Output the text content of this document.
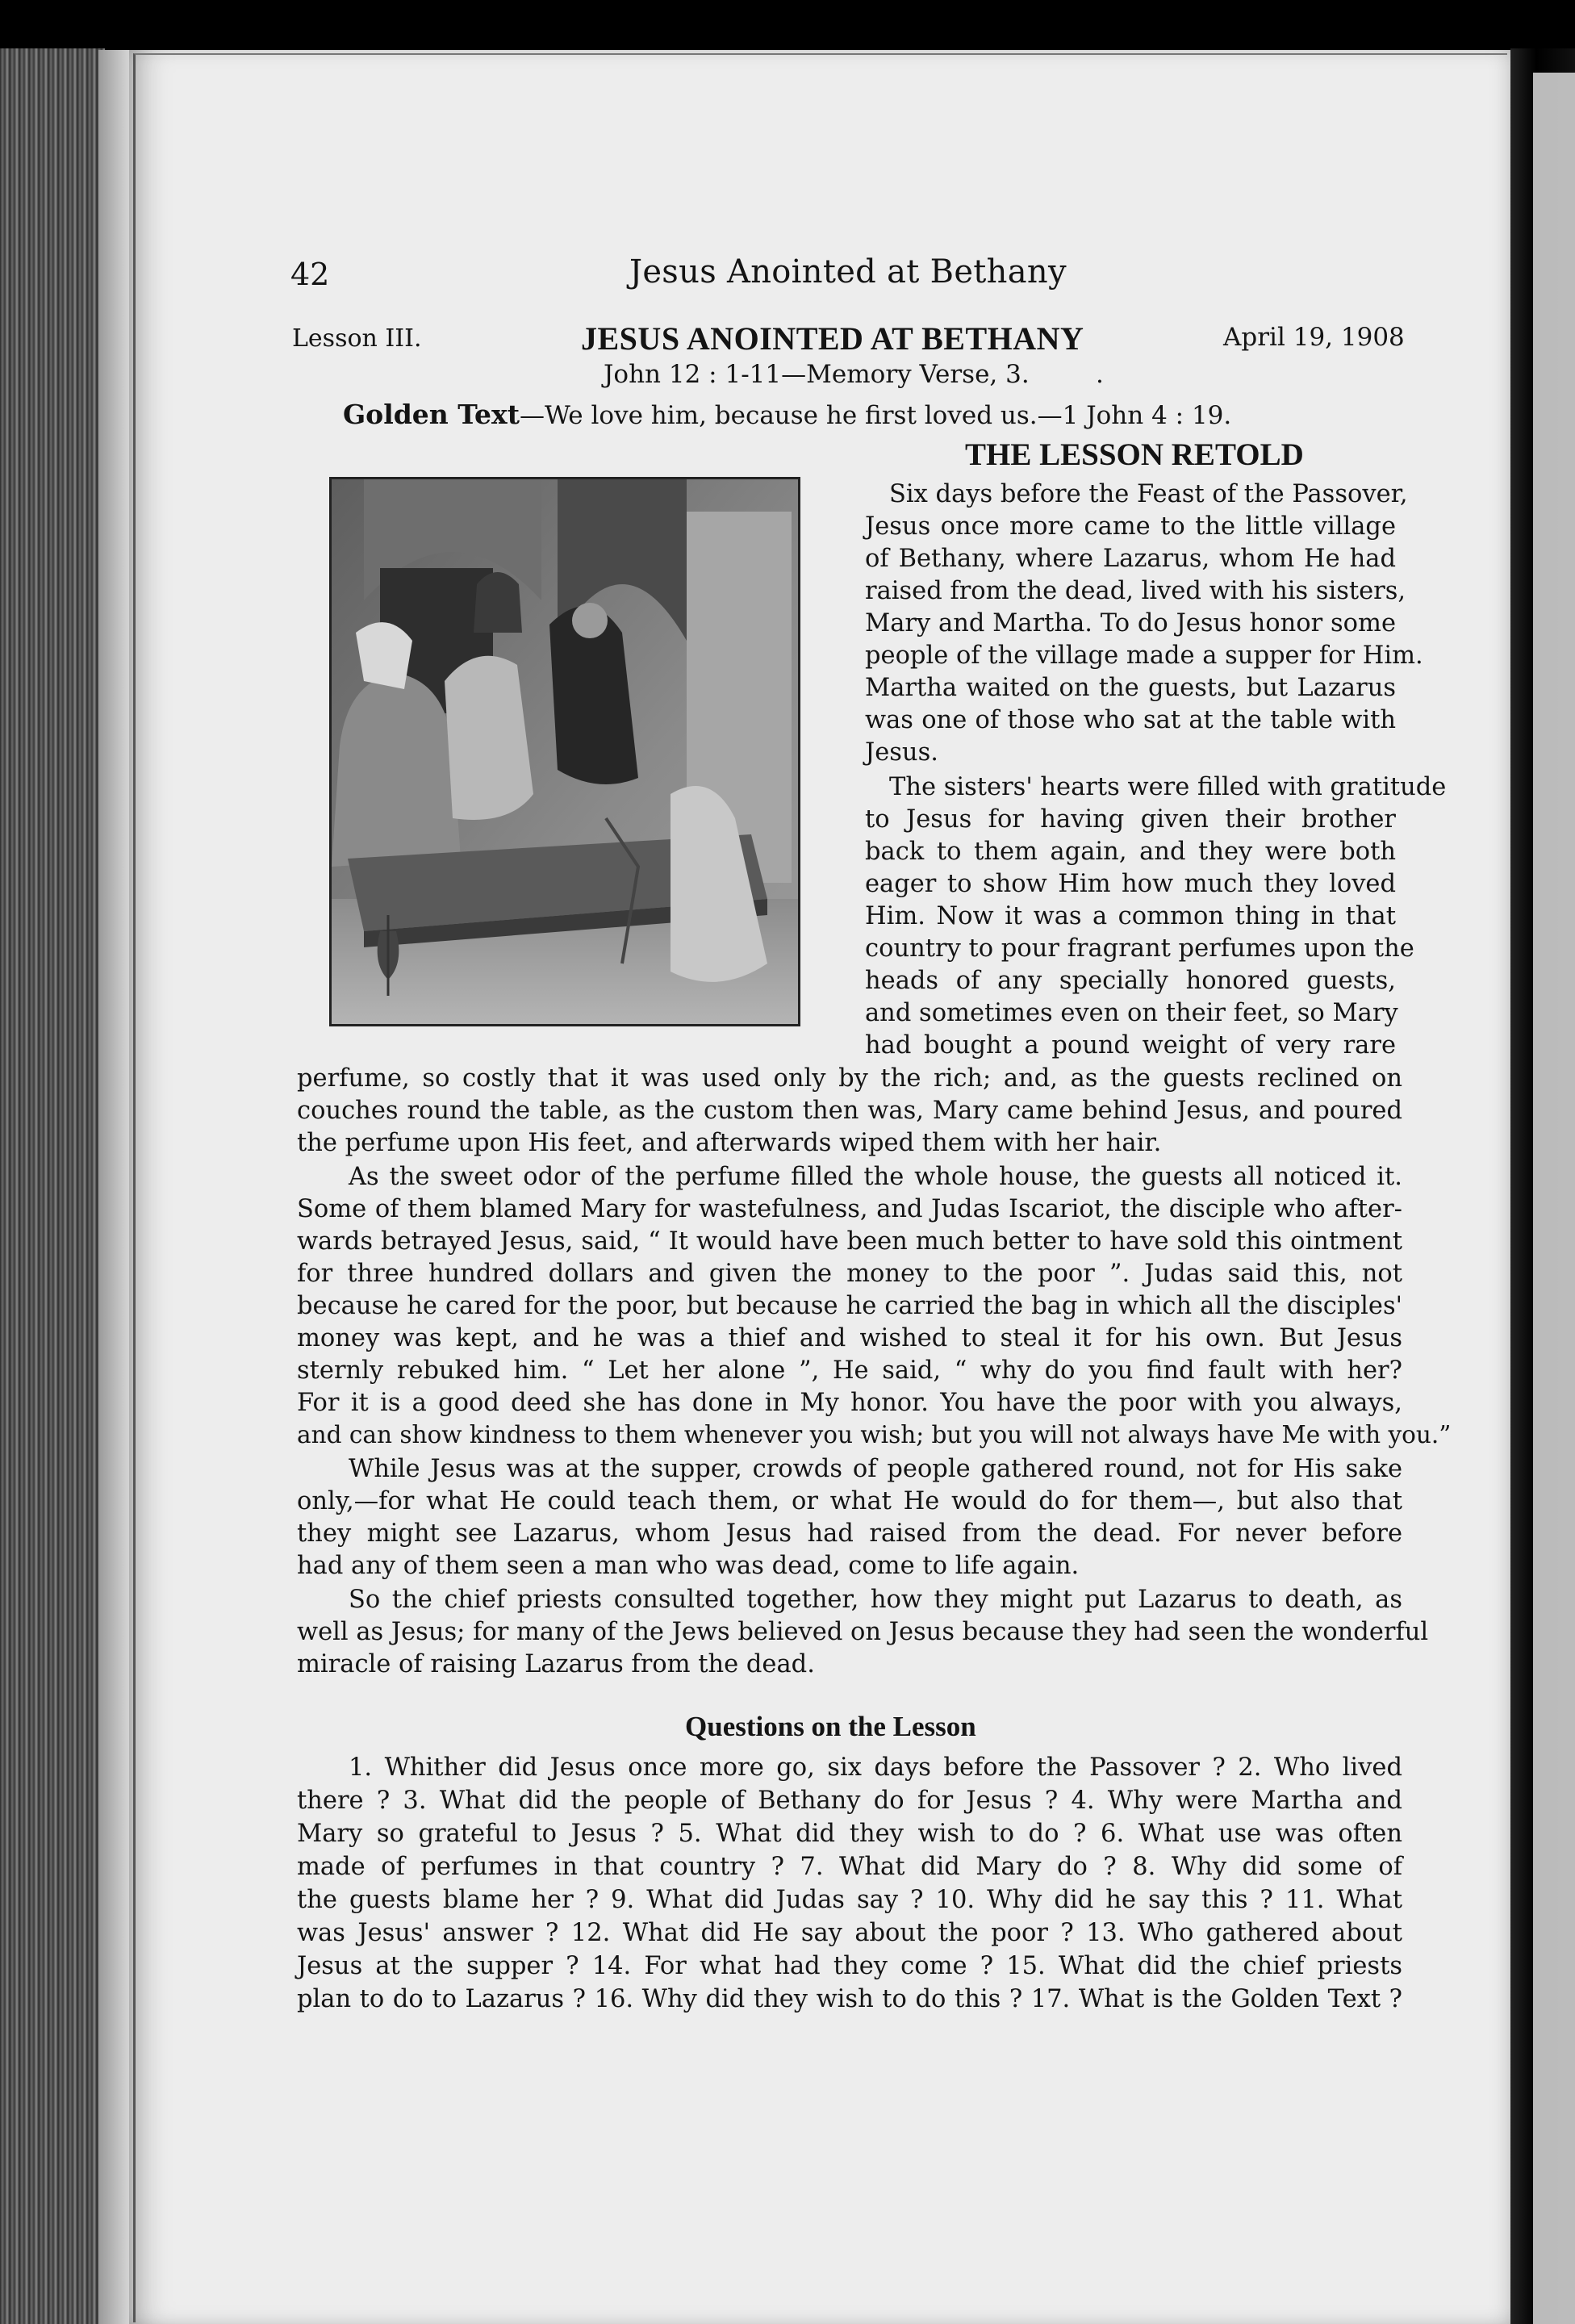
42	Jesus Anointed at Bethany
Lesson III.	JESUS ANOINTED AT BETHANY	April 19, 1908
John 12 : 1-11—Memory Verse, 3.	.
Golden Text—We love him, because he first loved us.—1 John 4 : 19.
THE LESSON RETOLD
Six days before the Feast of the Passover,
Jesus once more came to the little village
of Bethany, where Lazarus, whom He had
raised from the dead, lived with his sisters,
Mary and Martha. To do Jesus honor some
people of the village made a supper for Him.
Martha waited on the guests, but Lazarus
was one of those who sat at the table with
Jesus.
The sisters' hearts were filled with gratitude
to Jesus for having given their brother
back to them again, and they were both
eager to show Him how much they loved
Him. Now it was a common thing in that
country to pour fragrant perfumes upon the
heads of any specially honored guests,
and sometimes even on their feet, so Mary
had bought a pound weight of very rare
perfume, so costly that it was used only by the rich; and, as the guests reclined on
couches round the table, as the custom then was, Mary came behind Jesus, and poured
the perfume upon His feet, and afterwards wiped them with her hair.
As the sweet odor of the perfume filled the whole house, the guests all noticed it.
Some of them blamed Mary for wastefulness, and Judas Iscariot, the disciple who after-
wards betrayed Jesus, said, “ It would have been much better to have sold this ointment
for three hundred dollars and given the money to the poor ”. Judas said this, not
because he cared for the poor, but because he carried the bag in which all the disciples'
money was kept, and he was a thief and wished to steal it for his own. But Jesus
sternly rebuked him. “ Let her alone ”, He said, “ why do you find fault with her?
For it is a good deed she has done in My honor. You have the poor with you always,
and can show kindness to them whenever you wish; but you will not always have Me with you.”
While Jesus was at the supper, crowds of people gathered round, not for His sake
only,—for what He could teach them, or what He would do for them—, but also that
they might see Lazarus, whom Jesus had raised from the dead. For never before
had any of them seen a man who was dead, come to life again.
So the chief priests consulted together, how they might put Lazarus to death, as
well as Jesus; for many of the Jews believed on Jesus because they had seen the wonderful
miracle of raising Lazarus from the dead.
Questions on the Lesson
1. Whither did Jesus once more go, six days before the Passover ? 2. Who lived
there ? 3. What did the people of Bethany do for Jesus ? 4. Why were Martha and
Mary so grateful to Jesus ? 5. What did they wish to do ? 6. What use was often
made of perfumes in that country ? 7. What did Mary do ? 8. Why did some of
the guests blame her ? 9. What did Judas say ? 10. Why did he say this ? 11. What
was Jesus' answer ? 12. What did He say about the poor ? 13. Who gathered about
Jesus at the supper ? 14. For what had they come ? 15. What did the chief priests
plan to do to Lazarus ? 16. Why did they wish to do this ? 17. What is the Golden Text ?
